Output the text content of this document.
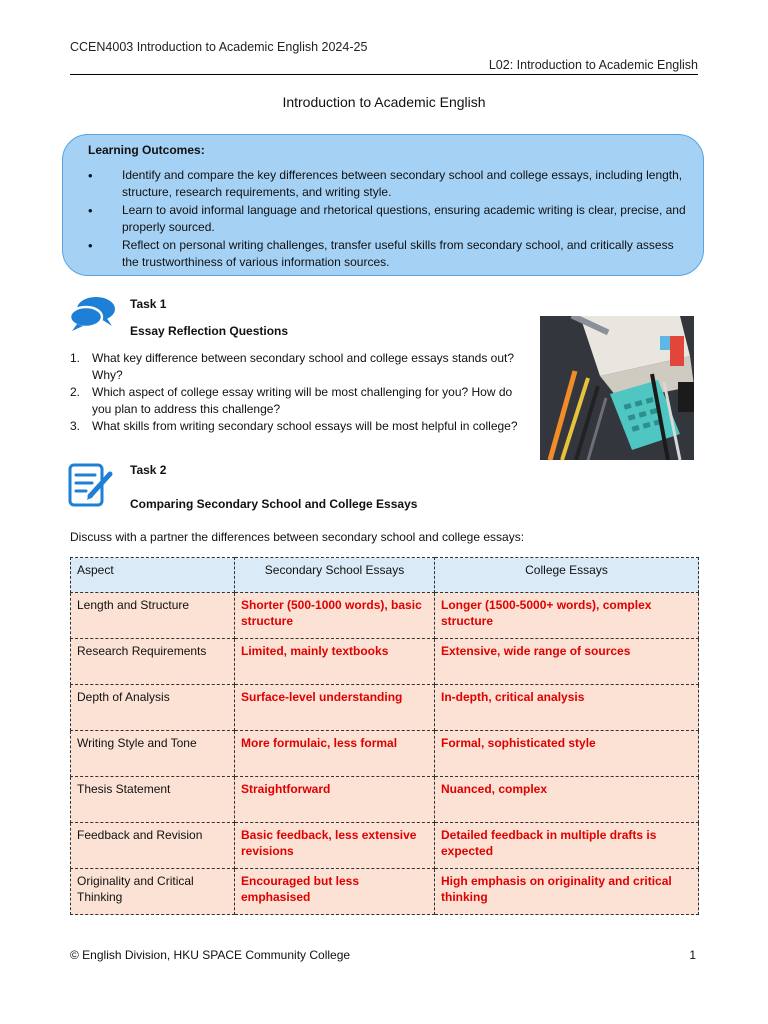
CCEN4003 Introduction to Academic English 2024-25
L02: Introduction to Academic English
Introduction to Academic English
Learning Outcomes:
• Identify and compare the key differences between secondary school and college essays, including length, structure, research requirements, and writing style.
• Learn to avoid informal language and rhetorical questions, ensuring academic writing is clear, precise, and properly sourced.
• Reflect on personal writing challenges, transfer useful skills from secondary school, and critically assess the trustworthiness of various information sources.
Task 1
Essay Reflection Questions
1. What key difference between secondary school and college essays stands out? Why?
2. Which aspect of college essay writing will be most challenging for you? How do you plan to address this challenge?
3. What skills from writing secondary school essays will be most helpful in college?
Task 2
Comparing Secondary School and College Essays
Discuss with a partner the differences between secondary school and college essays:
Aspect	Secondary School Essays	College Essays
Length and Structure	Shorter (500-1000 words), basic structure	Longer (1500-5000+ words), complex structure
Research Requirements	Limited, mainly textbooks	Extensive, wide range of sources
Depth of Analysis	Surface-level understanding	In-depth, critical analysis
Writing Style and Tone	More formulaic, less formal	Formal, sophisticated style
Thesis Statement	Straightforward	Nuanced, complex
Feedback and Revision	Basic feedback, less extensive revisions	Detailed feedback in multiple drafts is expected
Originality and Critical Thinking	Encouraged but less emphasised	High emphasis on originality and critical thinking
© English Division, HKU SPACE Community College	1
